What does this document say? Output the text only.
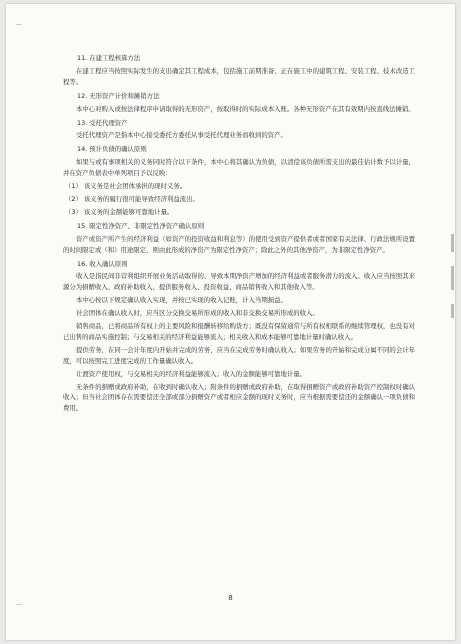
11. 在建工程核算方法
在建工程应当按照实际发生的支出确定其工程成本，包括施工前期准备、正在施工中的建筑工程、安装工程、技术改造工程等。
12. 无形资产计价和摊销方法
本中心对购入或按法律程序申请取得的无形资产，按取得时的实际成本入账。各种无形资产在其有效期内按直线法摊销。
13. 受托代理资产
受托代理资产是指本中心接受委托方委托从事受托代理业务而收到的资产。
14. 预计负债的确认原则
如果与或有事项相关的义务同时符合以下条件，本中心将其确认为负债，以清偿该负债所需支出的最佳估计数予以计量，并在资产负债表中单列项目予以反映：
（1） 该义务是社会团体承担的现时义务。
（2） 该义务的履行很可能导致经济利益流出。
（3） 该义务的金额能够可靠地计量。
15. 限定性净资产、非限定性净资产确认原则
资产或资产所产生的经济利益（如资产的投资收益和利息等）的使用受到资产提供者或者国家有关法律、行政法规所设置的时间限定或（和）用途限定，则由此形成的净资产为限定性净资产；除此之外的其他净资产，为非限定性净资产。
16. 收入确认原则
收入是指民间非营利组织开展业务活动取得的、导致本期净资产增加的经济利益或者服务潜力的流入。收入应当按照其来源分为捐赠收入、政府补助收入、提供服务收入、投资收益、商品销售收入和其他收入等。
本中心按以下规定确认收入实现，并按已实现的收入记账，计入当期损益。
社会团体在确认收入时，应当区分交换交易所形成的收入和非交换交易所形成的收入。
销售商品，已将商品所有权上的主要风险和报酬转移给购货方；既没有保留通常与所有权相联系的继续管理权，也没有对已出售的商品实施控制；与交易相关的经济利益能够流入；相关收入和成本能够可靠地计量时确认收入。
提供劳务，在同一会计年度内开始并完成的劳务，应当在完成劳务时确认收入；如果劳务的开始和完成分属不同的会计年度，可以按照完工进度完成的工作量确认收入。
让渡资产使用权，与交易相关的经济利益能够流入；收入的金额能够可靠地计量。
无条件的捐赠或政府补助，在收到时确认收入；附条件的捐赠或政府补助，在取得捐赠资产或政府补助资产控制权时确认收入；但当社会团体存在需要偿还全部或部分捐赠资产或者相应金额的现时义务时，应当根据需要偿还的金额确认一项负债和费用。
8
